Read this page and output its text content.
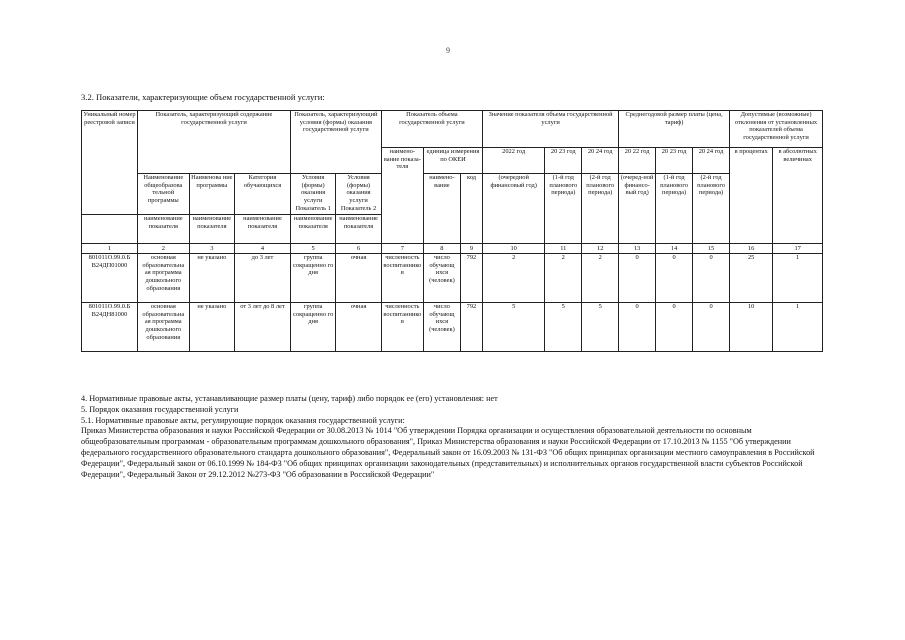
9
3.2. Показатели, характеризующие объем государственной услуги:
Уникальный номер реестровой записи	Показатель, характеризующий содержание государственной услуги			Показатель, характеризующий условия (формы) оказания государственной услуги		Показатель объема государственной услуги			Значение показателя объема государственной услуги			Среднегодовой размер платы (цена, тариф)			Допустимые (возможные) отклонения от установленных показателей объема государственной услуги	
						наимено-вание показа-теля	единица измерения по ОКЕИ		2022 год	20 23 год	20 24 год	20 22 год	20 23 год	20 24 год	в процентах	в абсолютных величинах
	Наименование общеобразова тельной программы	Наименова ние программы	Категория обучающихся	Условия (формы) оказания услуги Показатель 1	Условия (формы) оказания услуги Показатель 2		наимено-вание	код	(очередной финансовый год)	(1-й год планового периода)	(2-й год планового периода)	(очеред-ной финансо-вый год)	(1-й год планового периода)	(2-й год планового периода)		
	наименование показателя	наименование показателя	наименование показателя	наименование показателя	наименование показателя											
1	2	3	4	5	6	7	8	9	10	11	12	13	14	15	16	17
801011О.99.0.Б В24ДП01000	основная образовательна ая программа дошкольного образования	не указано	до 3 лет	группа сокращенно го дня	очная	численность воспитаннико в	число обучающ ихся (человек)	792	2	2	2	0	0	0	25	1
801011О.99.0.Б В24ДН81000	основная образовательна ая программа дошкольного образования	не указано	от 3 лет до 8 лет	группа сокращенно го дня	очная	численность воспитаннико в	число обучающ ихся (человек)	792	5	5	5	0	0	0	10	1

4. Нормативные правовые акты, устанавливающие размер платы (цену, тариф) либо порядок ее (его) установления: нет

5. Порядок оказания государственной услуги

5.1. Нормативные правовые акты, регулирующие порядок оказания государственной услуги:

Приказ Министерства образования и науки Российской Федерации от 30.08.2013 № 1014 "Об утверждении Порядка организации и осуществления образовательной деятельности по основным общеобразовательным программам - образовательным программам дошкольного образования", Приказ Министерства образования и науки Российской Федерации от 17.10.2013 № 1155 "Об утверждении федерального государственного образовательного стандарта дошкольного образования", Федеральный закон от 16.09.2003 № 131-ФЗ "Об общих принципах организации местного самоуправления в Российской Федерации", Федеральный закон от 06.10.1999 № 184-ФЗ "Об общих принципах организации законодательных (представительных) и исполнительных органов государственной власти субъектов Российской Федерации", Федеральный Закон от 29.12.2012 №273-ФЗ "Об образовании в Российской Федерации"
